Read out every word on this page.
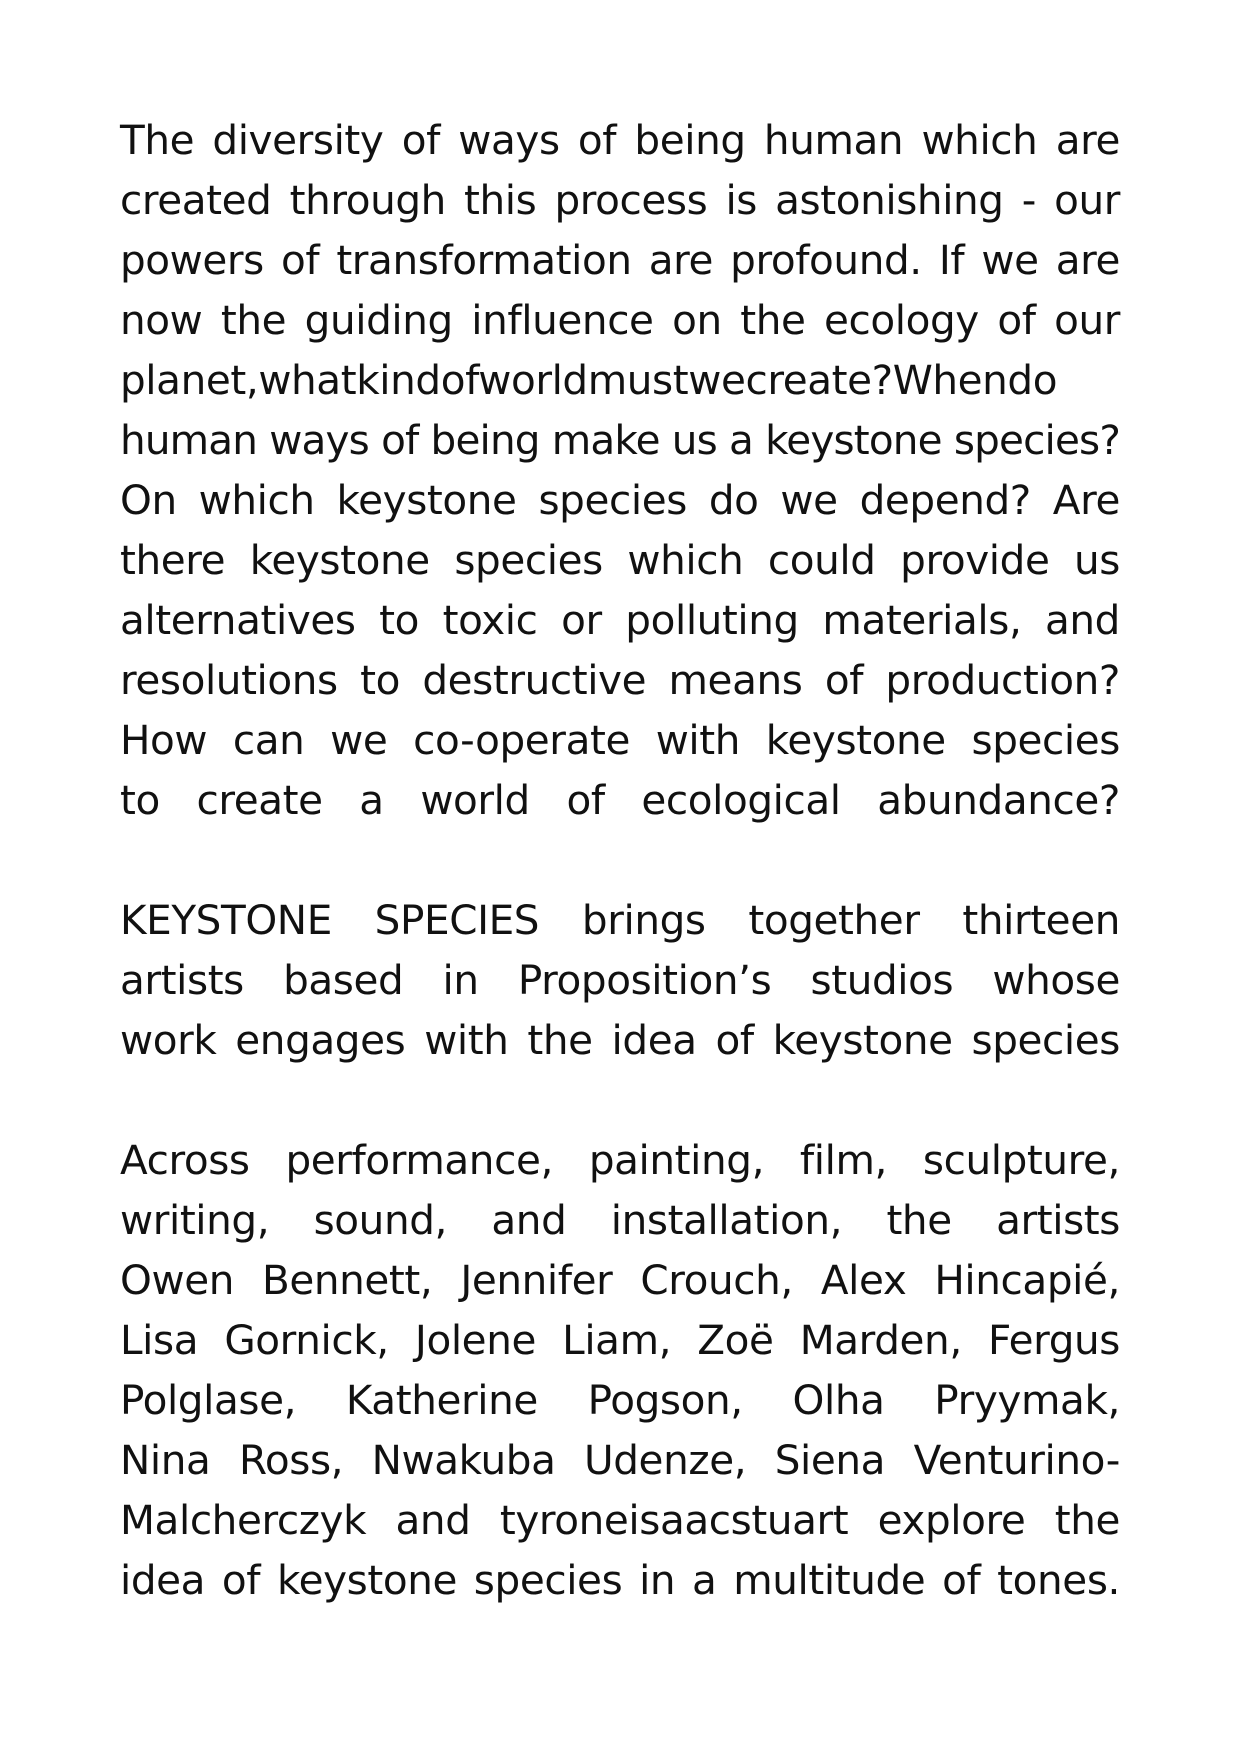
The diversity of ways of being human which are
created through this process is astonishing - our
powers of transformation are profound. If we are
now the guiding influence on the ecology of our
planet,whatkindofworldmustwecreate?Whendo
human ways of being make us a keystone species?
On which keystone species do we depend? Are
there keystone species which could provide us
alternatives to toxic or polluting materials, and
resolutions to destructive means of production?
How can we co-operate with keystone species
to create a world of ecological abundance?
KEYSTONE SPECIES brings together thirteen
artists based in Proposition’s studios whose
work engages with the idea of keystone species
Across performance, painting, film, sculpture,
writing, sound, and installation, the artists
Owen Bennett, Jennifer Crouch, Alex Hincapié,
Lisa Gornick, Jolene Liam, Zoë Marden, Fergus
Polglase, Katherine Pogson, Olha Pryymak,
Nina Ross, Nwakuba Udenze, Siena Venturino-
Malcherczyk and tyroneisaacstuart explore the
idea of keystone species in a multitude of tones.
